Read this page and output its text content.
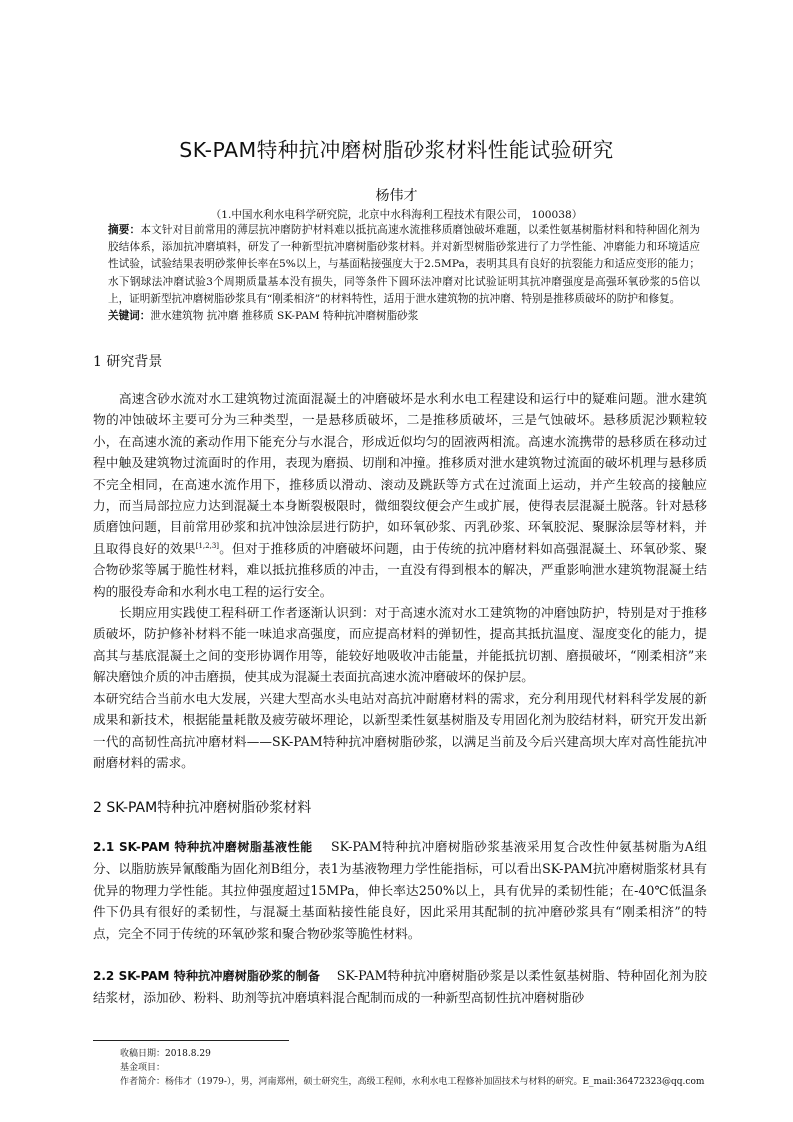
SK-PAM特种抗冲磨树脂砂浆材料性能试验研究
杨伟才
（1.中国水利水电科学研究院，北京中水科海利工程技术有限公司， 100038）
摘要：本文针对目前常用的薄层抗冲磨防护材料难以抵抗高速水流推移质磨蚀破坏难题，以柔性氨基树脂材料和特种固化剂为胶结体系，添加抗冲磨填料，研发了一种新型抗冲磨树脂砂浆材料。并对新型树脂砂浆进行了力学性能、冲磨能力和环境适应性试验，试验结果表明砂浆伸长率在5%以上，与基面粘接强度大于2.5MPa，表明其具有良好的抗裂能力和适应变形的能力；水下钢球法冲磨试验3个周期质量基本没有损失，同等条件下圆环法冲磨对比试验证明其抗冲磨强度是高强环氧砂浆的5倍以上，证明新型抗冲磨树脂砂浆具有“刚柔相济”的材料特性，适用于泄水建筑物的抗冲磨、特别是推移质破坏的防护和修复。
关键词：泄水建筑物 抗冲磨 推移质 SK-PAM 特种抗冲磨树脂砂浆
1 研究背景
高速含砂水流对水工建筑物过流面混凝土的冲磨破坏是水利水电工程建设和运行中的疑难问题。泄水建筑物的冲蚀破坏主要可分为三种类型，一是悬移质破坏，二是推移质破坏，三是气蚀破坏。悬移质泥沙颗粒较小，在高速水流的紊动作用下能充分与水混合，形成近似均匀的固液两相流。高速水流携带的悬移质在移动过程中触及建筑物过流面时的作用，表现为磨损、切削和冲撞。推移质对泄水建筑物过流面的破坏机理与悬移质不完全相同，在高速水流作用下，推移质以滑动、滚动及跳跃等方式在过流面上运动，并产生较高的接触应力，而当局部拉应力达到混凝土本身断裂极限时，微细裂纹便会产生或扩展，使得表层混凝土脱落。针对悬移质磨蚀问题，目前常用砂浆和抗冲蚀涂层进行防护，如环氧砂浆、丙乳砂浆、环氧胶泥、聚脲涂层等材料，并且取得良好的效果[1,2,3]。但对于推移质的冲磨破坏问题，由于传统的抗冲磨材料如高强混凝土、环氧砂浆、聚合物砂浆等属于脆性材料，难以抵抗推移质的冲击，一直没有得到根本的解决，严重影响泄水建筑物混凝土结构的服役寿命和水利水电工程的运行安全。
长期应用实践使工程科研工作者逐渐认识到：对于高速水流对水工建筑物的冲磨蚀防护，特别是对于推移质破坏，防护修补材料不能一味追求高强度，而应提高材料的弹韧性，提高其抵抗温度、湿度变化的能力，提高其与基底混凝土之间的变形协调作用等，能较好地吸收冲击能量，并能抵抗切割、磨损破坏，“刚柔相济”来解决磨蚀介质的冲击磨损，使其成为混凝土表面抗高速水流冲磨破坏的保护层。
本研究结合当前水电大发展，兴建大型高水头电站对高抗冲耐磨材料的需求，充分利用现代材料科学发展的新成果和新技术，根据能量耗散及疲劳破坏理论，以新型柔性氨基树脂及专用固化剂为胶结材料，研究开发出新一代的高韧性高抗冲磨材料——SK-PAM特种抗冲磨树脂砂浆，以满足当前及今后兴建高坝大库对高性能抗冲耐磨材料的需求。
2 SK-PAM特种抗冲磨树脂砂浆材料
2.1 SK-PAM 特种抗冲磨树脂基液性能 SK-PAM特种抗冲磨树脂砂浆基液采用复合改性仲氨基树脂为A组分、以脂肪族异氰酸酯为固化剂B组分，表1为基液物理力学性能指标，可以看出SK-PAM抗冲磨树脂浆材具有优异的物理力学性能。其拉伸强度超过15MPa，伸长率达250%以上，具有优异的柔韧性能；在-40℃低温条件下仍具有很好的柔韧性，与混凝土基面粘接性能良好，因此采用其配制的抗冲磨砂浆具有“刚柔相济”的特点，完全不同于传统的环氧砂浆和聚合物砂浆等脆性材料。
2.2 SK-PAM 特种抗冲磨树脂砂浆的制备 SK-PAM特种抗冲磨树脂砂浆是以柔性氨基树脂、特种固化剂为胶结浆材，添加砂、粉料、助剂等抗冲磨填料混合配制而成的一种新型高韧性抗冲磨树脂砂
收稿日期：2018.8.29
基金项目：
作者简介：杨伟才（1979-），男，河南郑州，硕士研究生，高级工程师，水利水电工程修补加固技术与材料的研究。E_mail:36472323@qq.com
